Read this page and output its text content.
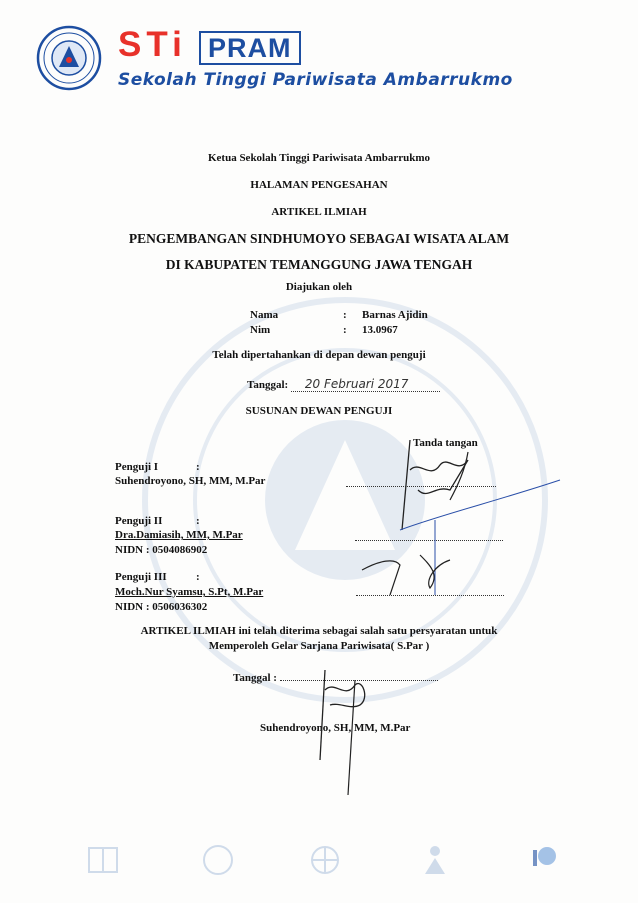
STi PRAM
Sekolah Tinggi Pariwisata Ambarrukmo
Ketua Sekolah Tinggi Pariwisata Ambarrukmo
HALAMAN PENGESAHAN
ARTIKEL ILMIAH
PENGEMBANGAN SINDHUMOYO SEBAGAI WISATA ALAM
DI KABUPATEN TEMANGGUNG JAWA TENGAH
Diajukan oleh
Nama	: Barnas Ajidin
Nim	: 13.0967
Telah dipertahankan di depan dewan penguji
Tanggal: 20 Februari 2017
SUSUNAN DEWAN PENGUJI
Tanda tangan
Penguji I	:
Suhendroyono, SH, MM, M.Par
Penguji II	:
Dra.Damiasih, MM, M.Par
NIDN : 0504086902
Penguji III	:
Moch.Nur Syamsu, S.Pt, M.Par
NIDN : 0506036302
ARTIKEL ILMIAH ini telah diterima sebagai salah satu persyaratan untuk
Memperoleh Gelar Sarjana Pariwisata( S.Par )
Tanggal :
Suhendroyono, SH, MM, M.Par
